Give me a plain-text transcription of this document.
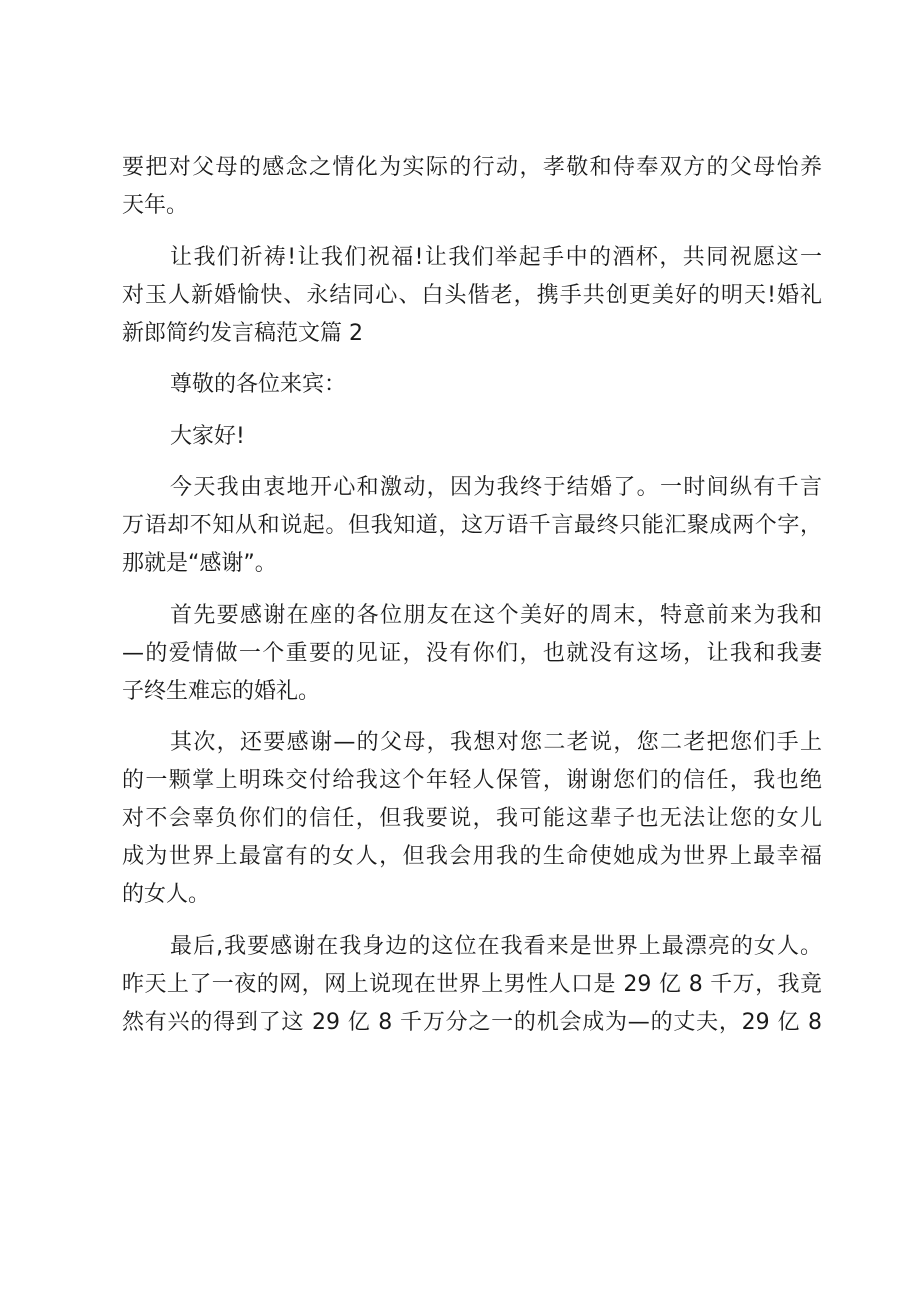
要把对父母的感念之情化为实际的行动，孝敬和侍奉双方的父母怡养
天年。
让我们祈祷!让我们祝福!让我们举起手中的酒杯，共同祝愿这一
对玉人新婚愉快、永结同心、白头偕老，携手共创更美好的明天!婚礼
新郎简约发言稿范文篇 2
尊敬的各位来宾：
大家好!
今天我由衷地开心和激动，因为我终于结婚了。一时间纵有千言
万语却不知从和说起。但我知道，这万语千言最终只能汇聚成两个字，
那就是“感谢”。
首先要感谢在座的各位朋友在这个美好的周末，特意前来为我和
—的爱情做一个重要的见证，没有你们，也就没有这场，让我和我妻
子终生难忘的婚礼。
其次，还要感谢—的父母，我想对您二老说，您二老把您们手上
的一颗掌上明珠交付给我这个年轻人保管，谢谢您们的信任，我也绝
对不会辜负你们的信任，但我要说，我可能这辈子也无法让您的女儿
成为世界上最富有的女人，但我会用我的生命使她成为世界上最幸福
的女人。
最后,我要感谢在我身边的这位在我看来是世界上最漂亮的女人。
昨天上了一夜的网，网上说现在世界上男性人口是 29 亿 8 千万，我竟
然有兴的得到了这 29 亿 8 千万分之一的机会成为—的丈夫，29 亿 8
